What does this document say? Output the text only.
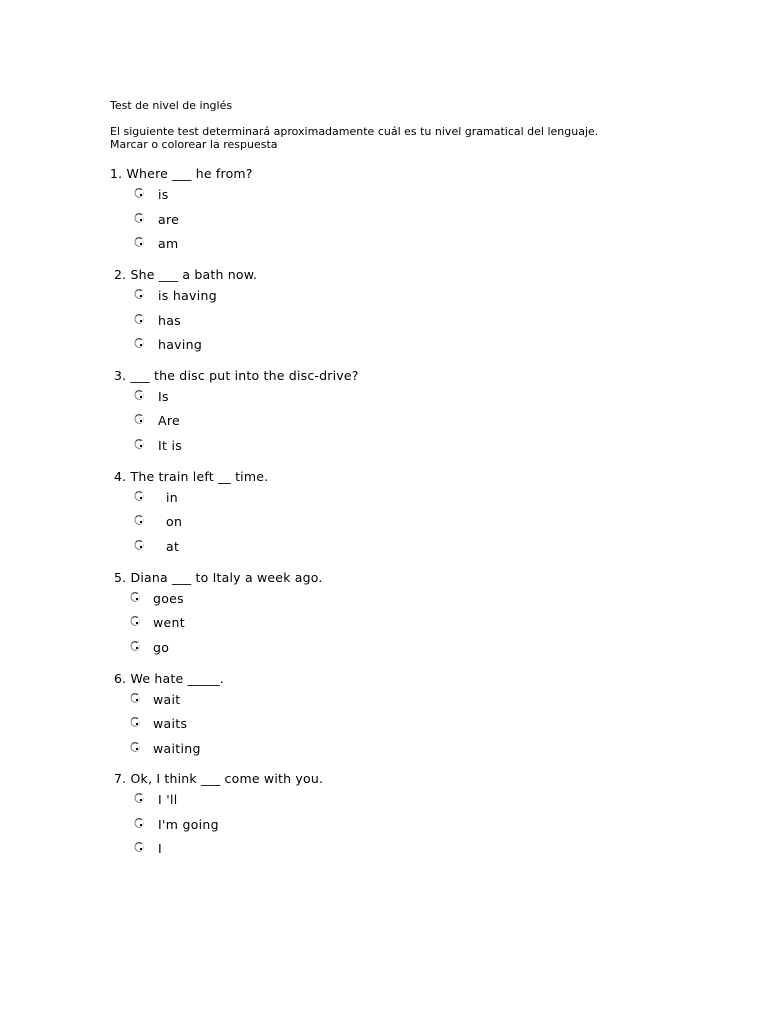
Test de nivel de inglés
El siguiente test determinará aproximadamente cuál es tu nivel gramatical del lenguaje.
Marcar o colorear la respuesta
1. Where ___ he from?
is
are
am
2. She ___ a bath now.
is having
has
having
3. ___ the disc put into the disc-drive?
Is
Are
It is
4. The train left __ time.
in
on
at
5. Diana ___ to Italy a week ago.
goes
went
go
6. We hate _____.
wait
waits
waiting
7. Ok, I think ___ come with you.
I 'll
I'm going
I
